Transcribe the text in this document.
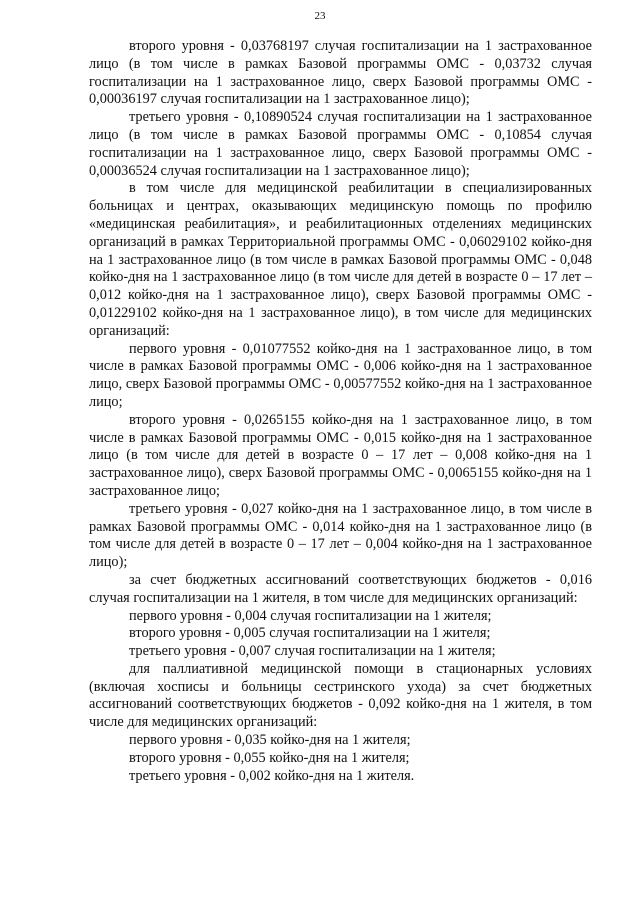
23

второго уровня - 0,03768197 случая госпитализации на 1 застрахованное лицо (в том числе в рамках Базовой программы ОМС - 0,03732 случая госпитализации на 1 застрахованное лицо, сверх Базовой программы ОМС - 0,00036197 случая госпитализации на 1 застрахованное лицо);

третьего уровня - 0,10890524 случая госпитализации на 1 застрахованное лицо (в том числе в рамках Базовой программы ОМС - 0,10854 случая госпитализации на 1 застрахованное лицо, сверх Базовой программы ОМС - 0,00036524 случая госпитализации на 1 застрахованное лицо);

в том числе для медицинской реабилитации в специализированных больницах и центрах, оказывающих медицинскую помощь по профилю «медицинская реабилитация», и реабилитационных отделениях медицинских организаций в рамках Территориальной программы ОМС - 0,06029102 койко-дня на 1 застрахованное лицо (в том числе в рамках Базовой программы ОМС - 0,048 койко-дня на 1 застрахованное лицо (в том числе для детей в возрасте 0 – 17 лет – 0,012 койко-дня на 1 застрахованное лицо), сверх Базовой программы ОМС - 0,01229102 койко-дня на 1 застрахованное лицо), в том числе для медицинских организаций:

первого уровня - 0,01077552 койко-дня на 1 застрахованное лицо, в том числе в рамках Базовой программы ОМС - 0,006 койко-дня на 1 застрахованное лицо, сверх Базовой программы ОМС - 0,00577552 койко-дня на 1 застрахованное лицо;

второго уровня - 0,0265155 койко-дня на 1 застрахованное лицо, в том числе в рамках Базовой программы ОМС - 0,015 койко-дня на 1 застрахованное лицо (в том числе для детей в возрасте 0 – 17 лет – 0,008 койко-дня на 1 застрахованное лицо), сверх Базовой программы ОМС - 0,0065155 койко-дня на 1 застрахованное лицо;

третьего уровня - 0,027 койко-дня на 1 застрахованное лицо, в том числе в рамках Базовой программы ОМС - 0,014 койко-дня на 1 застрахованное лицо (в том числе для детей в возрасте 0 – 17 лет – 0,004 койко-дня на 1 застрахованное лицо);

за счет бюджетных ассигнований соответствующих бюджетов - 0,016 случая госпитализации на 1 жителя, в том числе для медицинских организаций:

первого уровня - 0,004 случая госпитализации на 1 жителя;

второго уровня - 0,005 случая госпитализации на 1 жителя;

третьего уровня - 0,007 случая госпитализации на 1 жителя;

для паллиативной медицинской помощи в стационарных условиях (включая хосписы и больницы сестринского ухода) за счет бюджетных ассигнований соответствующих бюджетов - 0,092 койко-дня на 1 жителя, в том числе для медицинских организаций:

первого уровня - 0,035 койко-дня на 1 жителя;

второго уровня - 0,055 койко-дня на 1 жителя;

третьего уровня - 0,002 койко-дня на 1 жителя.
